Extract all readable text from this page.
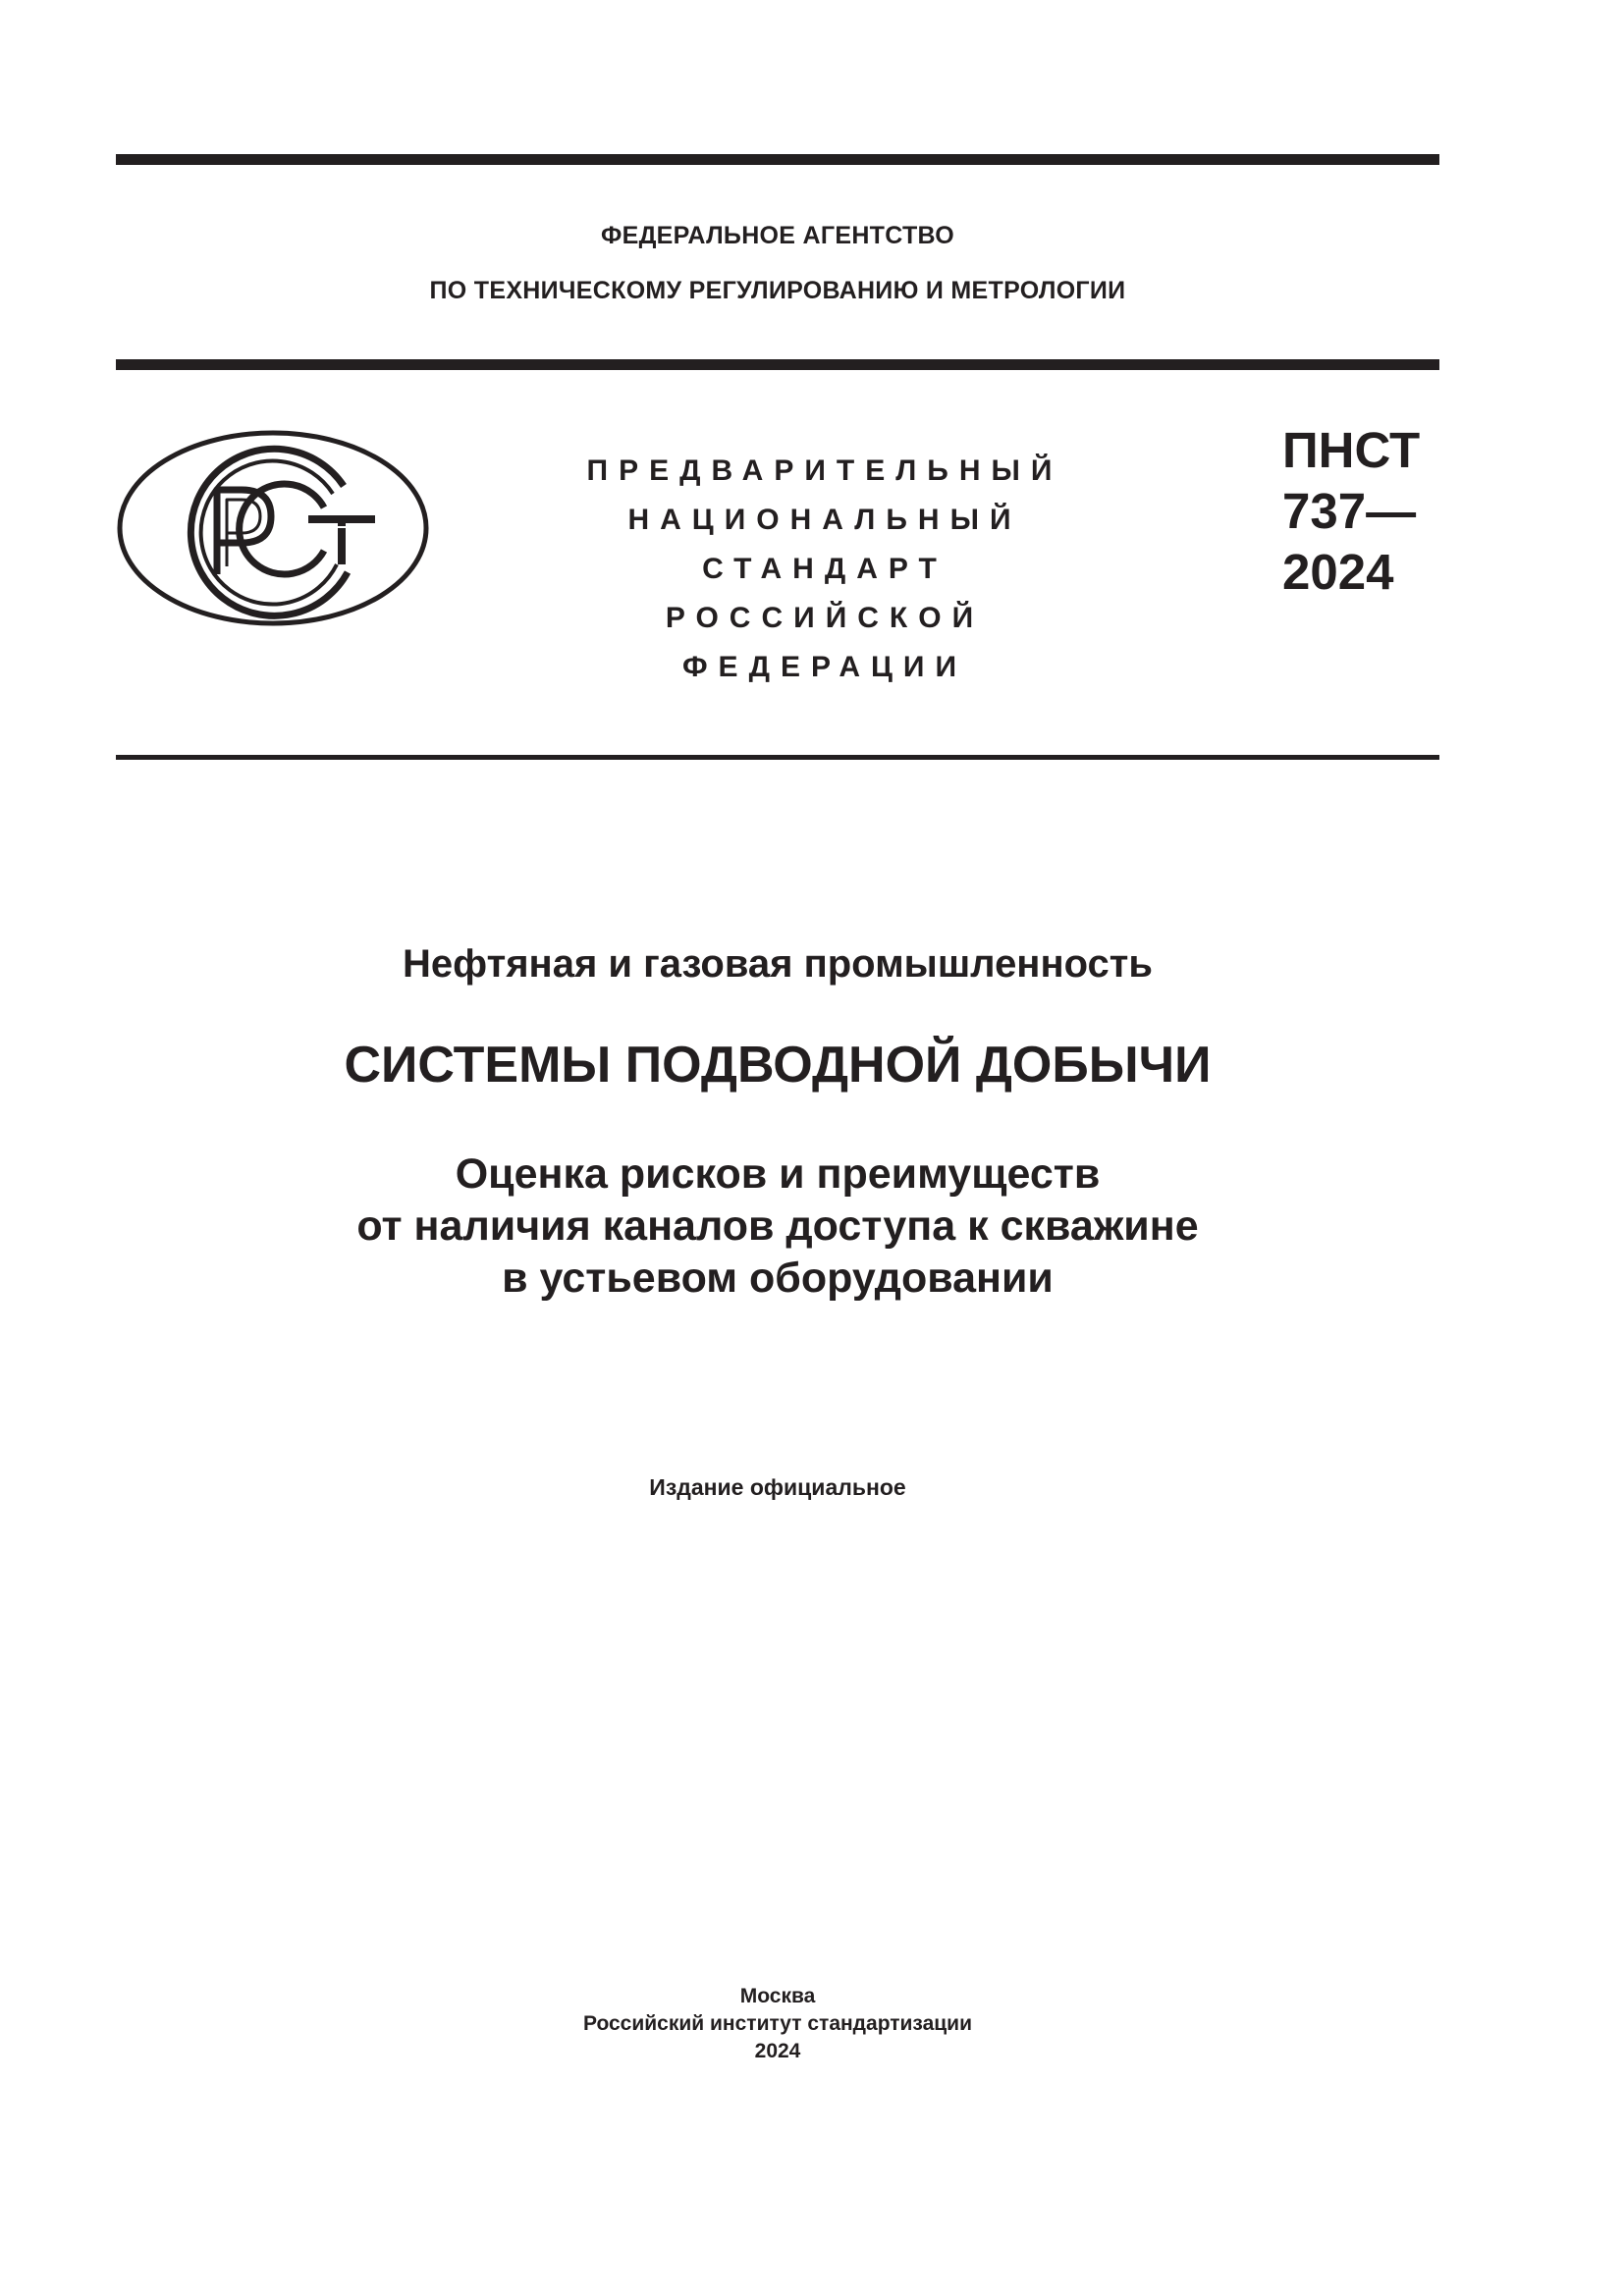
ФЕДЕРАЛЬНОЕ АГЕНТСТВО
ПО ТЕХНИЧЕСКОМУ РЕГУЛИРОВАНИЮ И МЕТРОЛОГИИ
ПРЕДВАРИТЕЛЬНЫЙ
НАЦИОНАЛЬНЫЙ
СТАНДАРТ
РОССИЙСКОЙ
ФЕДЕРАЦИИ
ПНСТ
737—
2024
Нефтяная и газовая промышленность
СИСТЕМЫ ПОДВОДНОЙ ДОБЫЧИ
Оценка рисков и преимуществ
от наличия каналов доступа к скважине
в устьевом оборудовании
Издание официальное
Москва
Российский институт стандартизации
2024
